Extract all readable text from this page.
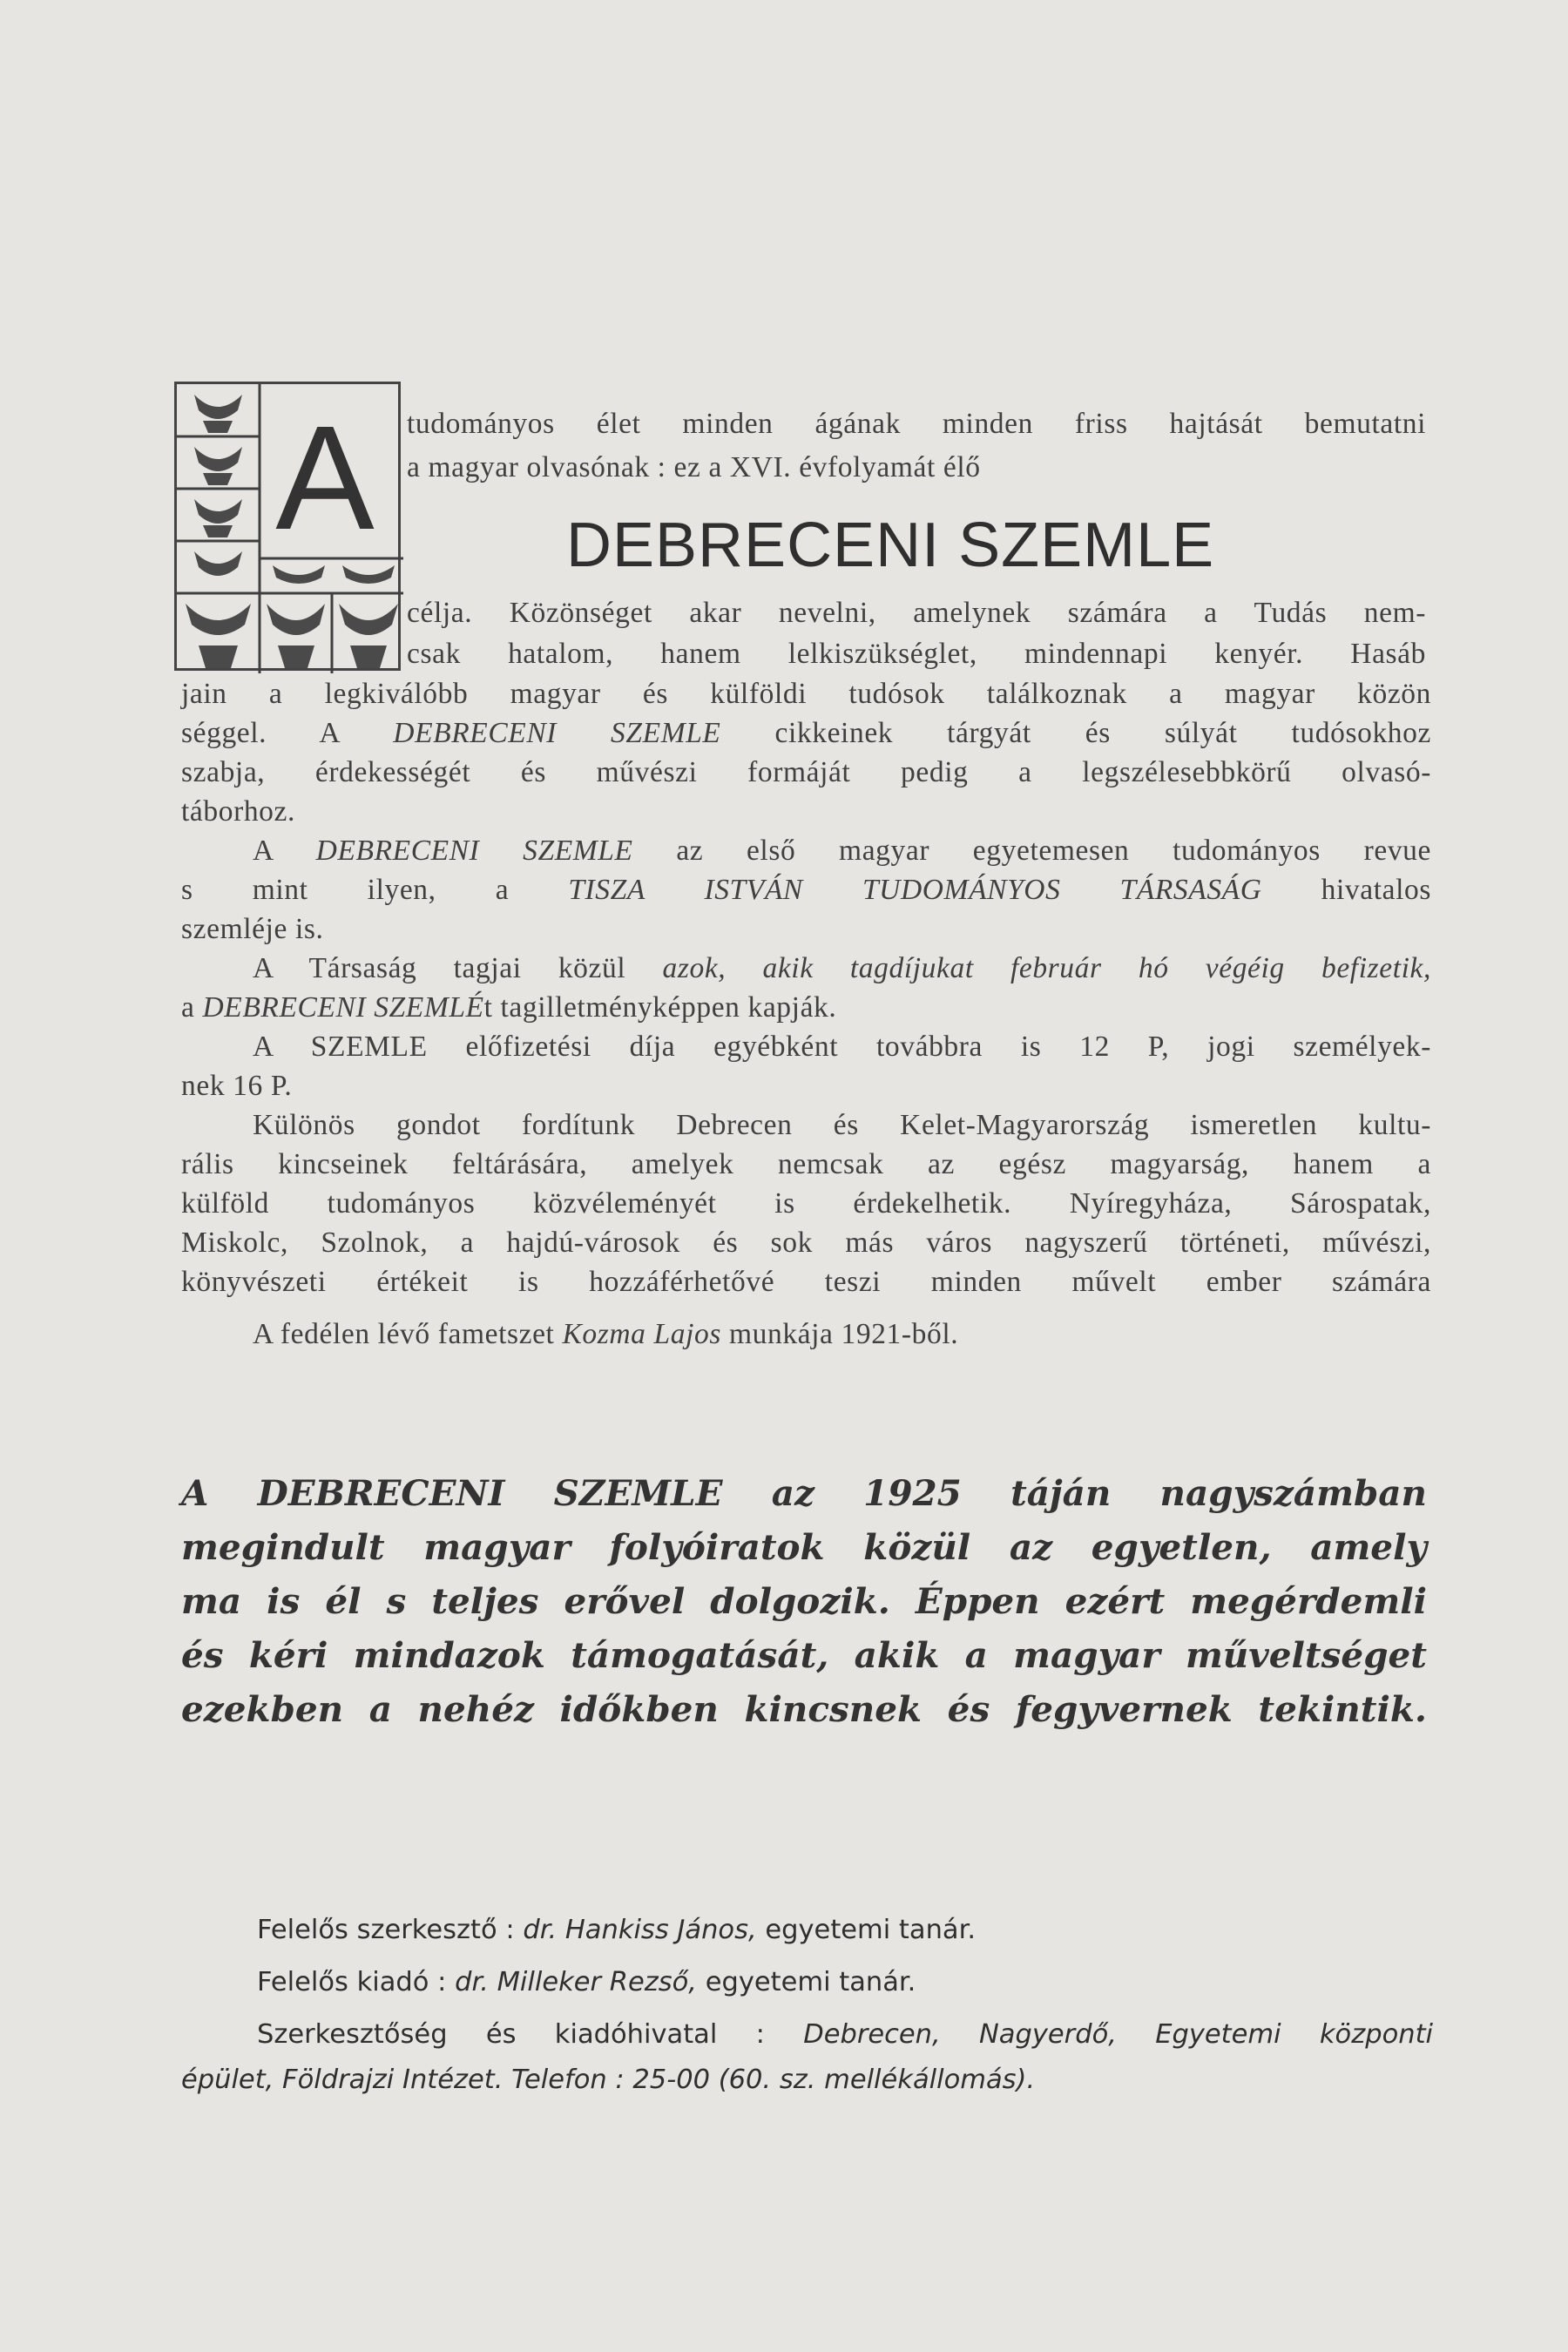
A tudományos élet minden ágának minden friss hajtását bemutatni
a magyar olvasónak : ez a XVI. évfolyamát élő
DEBRECENI SZEMLE
célja. Közönséget akar nevelni, amelynek számára a Tudás nem-
csak hatalom, hanem lelkiszükséglet, mindennapi kenyér. Hasáb
jain a legkiválóbb magyar és külföldi tudósok találkoznak a magyar közön
séggel. A DEBRECENI SZEMLE cikkeinek tárgyát és súlyát tudósokhoz
szabja, érdekességét és művészi formáját pedig a legszélesebbkörű olvasó-
táborhoz.
A DEBRECENI SZEMLE az első magyar egyetemesen tudományos revue
s mint ilyen, a TISZA ISTVÁN TUDOMÁNYOS TÁRSASÁG hivatalos
szemléje is.
A Társaság tagjai közül azok, akik tagdíjukat február hó végéig befizetik,
a DEBRECENI SZEMLÉt tagilletményképpen kapják.
A SZEMLE előfizetési díja egyébként továbbra is 12 P, jogi személyek-
nek 16 P.
Különös gondot fordítunk Debrecen és Kelet-Magyarország ismeretlen kultu-
rális kincseinek feltárására, amelyek nemcsak az egész magyarság, hanem a
külföld tudományos közvéleményét is érdekelhetik. Nyíregyháza, Sárospatak,
Miskolc, Szolnok, a hajdú-városok és sok más város nagyszerű történeti, művészi,
könyvészeti értékeit is hozzáférhetővé teszi minden művelt ember számára
A fedélen lévő fametszet Kozma Lajos munkája 1921-ből.
A DEBRECENI SZEMLE az 1925 táján nagyszámban
megindult magyar folyóiratok közül az egyetlen, amely
ma is él s teljes erővel dolgozik. Éppen ezért megérdemli
és kéri mindazok támogatását, akik a magyar műveltséget
ezekben a nehéz időkben kincsnek és fegyvernek tekintik.
Felelős szerkesztő : dr. Hankiss János, egyetemi tanár.
Felelős kiadó : dr. Milleker Rezső, egyetemi tanár.
Szerkesztőség és kiadóhivatal : Debrecen, Nagyerdő, Egyetemi központi
épület, Földrajzi Intézet. Telefon : 25-00 (60. sz. mellékállomás).
